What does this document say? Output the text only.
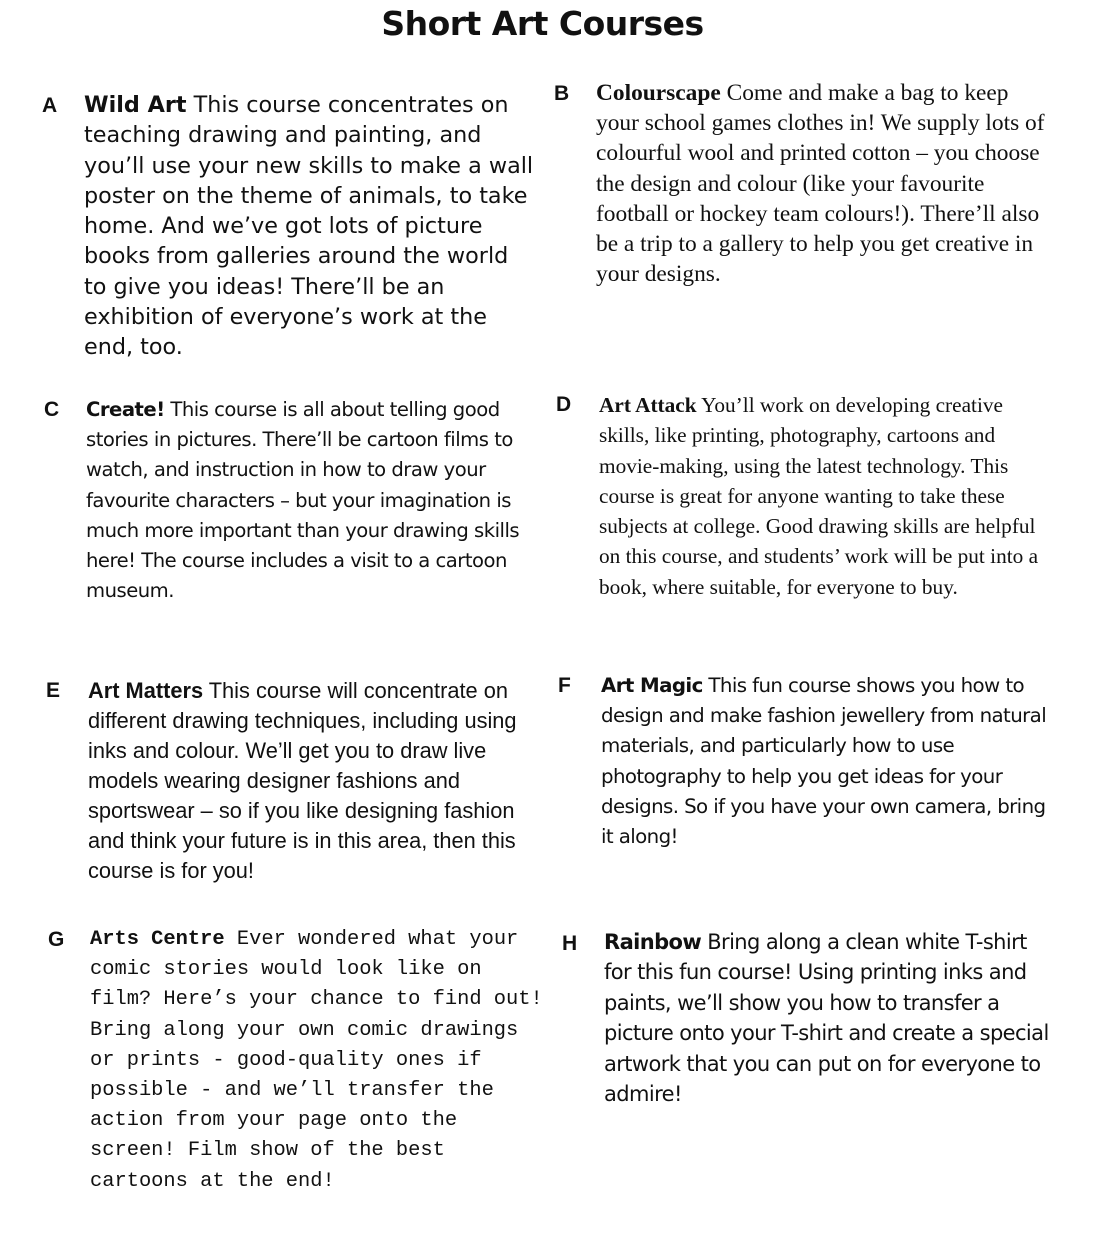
Short Art Courses
A Wild Art This course concentrates on teaching drawing and painting, and you’ll use your new skills to make a wall poster on the theme of animals, to take home. And we’ve got lots of picture books from galleries around the world to give you ideas! There’ll be an exhibition of everyone’s work at the end, too.
B Colourscape Come and make a bag to keep your school games clothes in! We supply lots of colourful wool and printed cotton – you choose the design and colour (like your favourite football or hockey team colours!). There’ll also be a trip to a gallery to help you get creative in your designs.
C Create! This course is all about telling good stories in pictures. There’ll be cartoon films to watch, and instruction in how to draw your favourite characters – but your imagination is much more important than your drawing skills here! The course includes a visit to a cartoon museum.
D Art Attack You’ll work on developing creative skills, like printing, photography, cartoons and movie-making, using the latest technology. This course is great for anyone wanting to take these subjects at college. Good drawing skills are helpful on this course, and students’ work will be put into a book, where suitable, for everyone to buy.
E Art Matters This course will concentrate on different drawing techniques, including using inks and colour. We’ll get you to draw live models wearing designer fashions and sportswear – so if you like designing fashion and think your future is in this area, then this course is for you!
F Art Magic This fun course shows you how to design and make fashion jewellery from natural materials, and particularly how to use photography to help you get ideas for your designs. So if you have your own camera, bring it along!
G Arts Centre Ever wondered what your comic stories would look like on film? Here’s your chance to find out! Bring along your own comic drawings or prints - good-quality ones if possible - and we’ll transfer the action from your page onto the screen! Film show of the best cartoons at the end!
H Rainbow Bring along a clean white T-shirt for this fun course! Using printing inks and paints, we’ll show you how to transfer a picture onto your T-shirt and create a special artwork that you can put on for everyone to admire!
